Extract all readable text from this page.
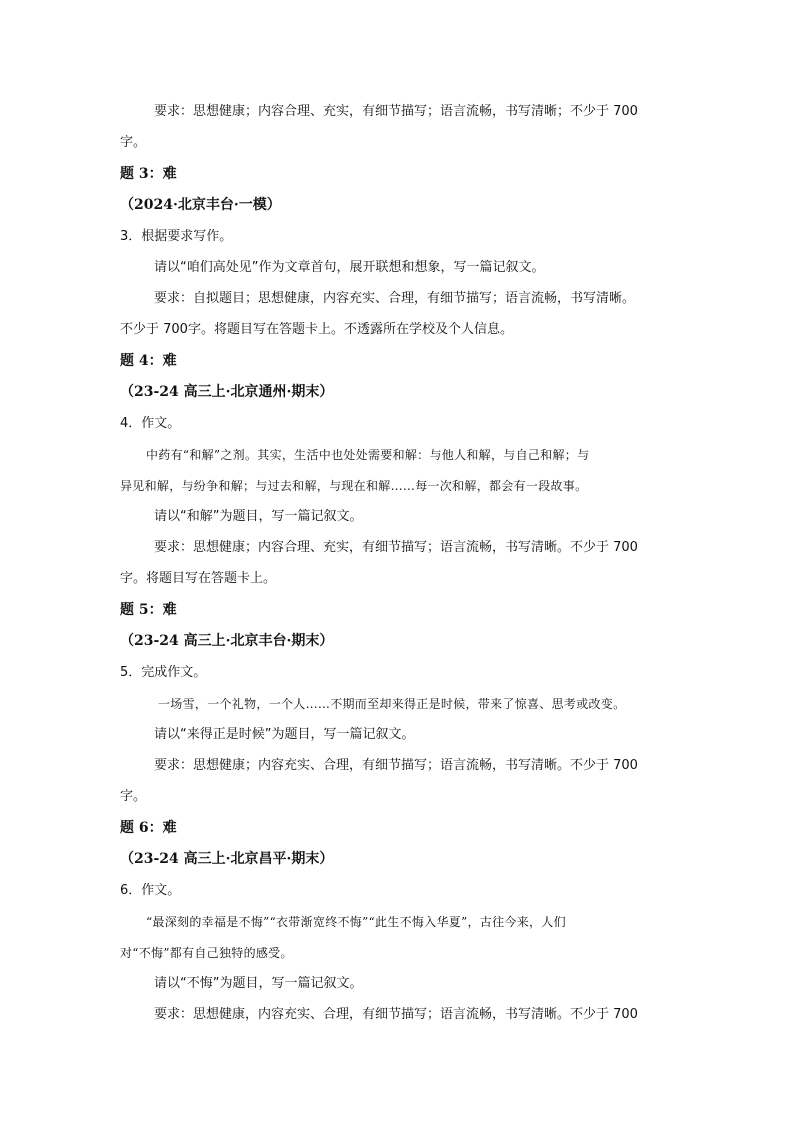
要求：思想健康；内容合理、充实，有细节描写；语言流畅，书写清晰；不少于 700
字。
题 3：难
（2024·北京丰台·一模）
3．根据要求写作。
请以“咱们高处见”作为文章首句，展开联想和想象，写一篇记叙文。
要求：自拟题目；思想健康，内容充实、合理，有细节描写；语言流畅，书写清晰。
不少于 700字。将题目写在答题卡上。不透露所在学校及个人信息。
题 4：难
（23-24 高三上·北京通州·期末）
4．作文。
中药有“和解”之剂。其实，生活中也处处需要和解：与他人和解，与自己和解；与
异见和解，与纷争和解；与过去和解，与现在和解……每一次和解，都会有一段故事。
请以“和解”为题目，写一篇记叙文。
要求：思想健康；内容合理、充实，有细节描写；语言流畅，书写清晰。不少于 700
字。将题目写在答题卡上。
题 5：难
（23-24 高三上·北京丰台·期末）
5．完成作文。
一场雪，一个礼物，一个人……不期而至却来得正是时候，带来了惊喜、思考或改变。
请以“来得正是时候”为题目，写一篇记叙文。
要求：思想健康；内容充实、合理，有细节描写；语言流畅，书写清晰。不少于 700
字。
题 6：难
（23-24 高三上·北京昌平·期末）
6．作文。
“最深刻的幸福是不悔”“衣带渐宽终不悔”“此生不悔入华夏”，古往今来，人们
对“不悔”都有自己独特的感受。
请以“不悔”为题目，写一篇记叙文。
要求：思想健康，内容充实、合理，有细节描写；语言流畅，书写清晰。不少于 700
